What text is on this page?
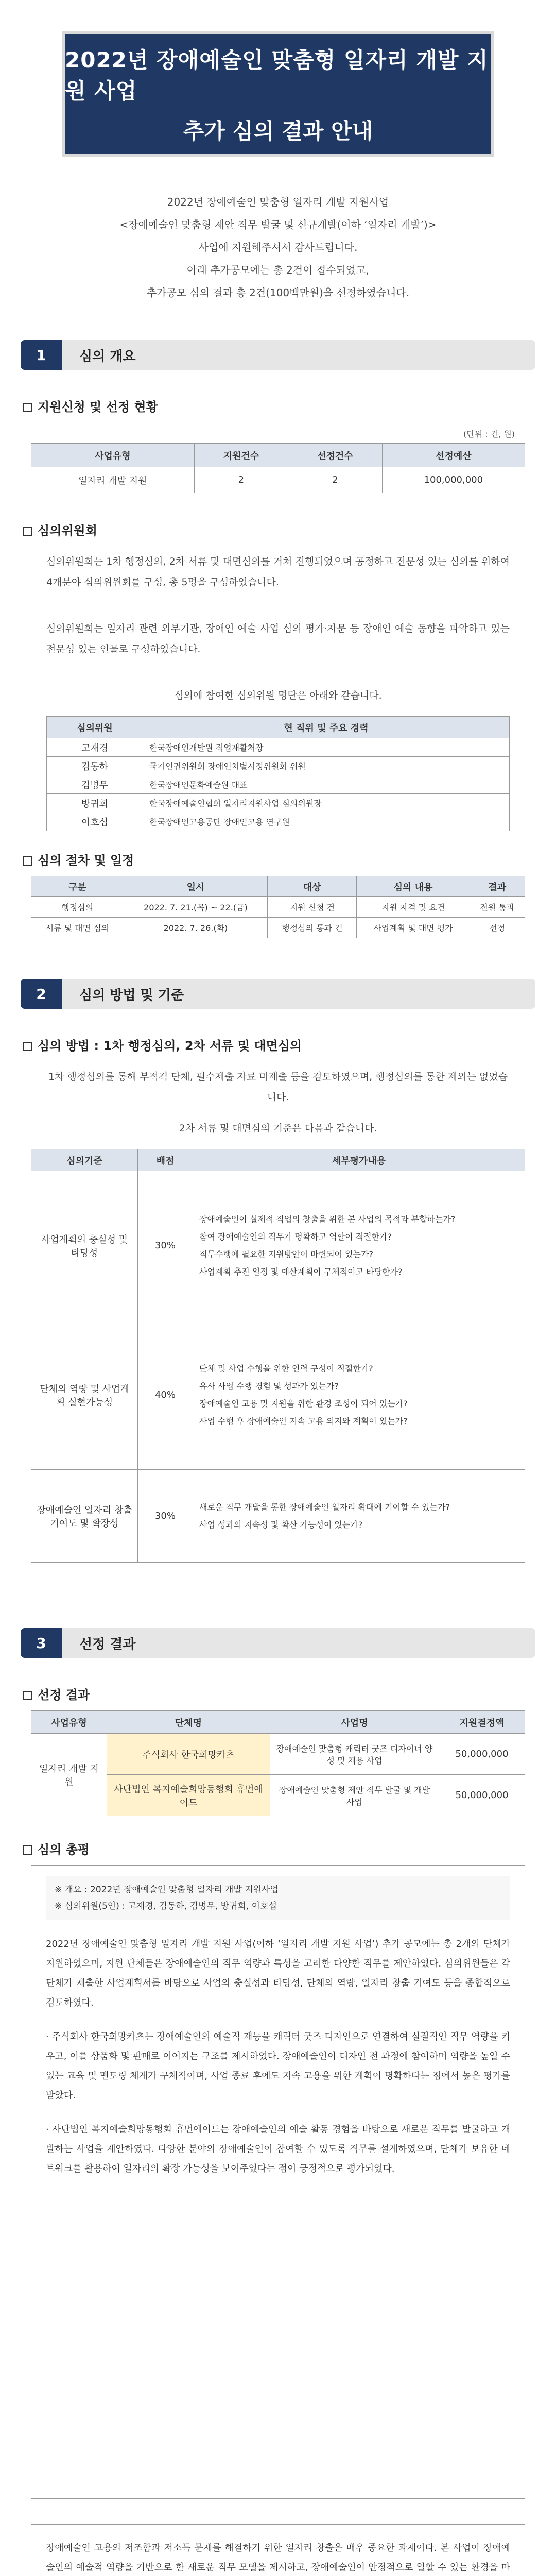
2022년 장애예술인 맞춤형 일자리 개발 지원 사업
추가 심의 결과 안내
2022년 장애예술인 맞춤형 일자리 개발 지원사업
<장애예술인 맞춤형 제안 직무 발굴 및 신규개발(이하 ‘일자리 개발’)>
사업에 지원해주셔서 감사드립니다.
아래 추가공모에는 총 2건이 접수되었고,
추가공모 심의 결과 총 2건(100백만원)을 선정하였습니다.
1	심의 개요
지원신청 및 선정 현황
(단위 : 건, 원)
사업유형	지원건수	선정건수	선정예산
일자리 개발 지원	2	2	100,000,000
심의위원회
심의위원회는 1차 행정심의, 2차 서류 및 대면심의를 거쳐 진행되었으며 공정하고 전문성 있는 심의를 위하여 4개분야 심의위원회를 구성, 총 5명을 구성하였습니다.
심의위원회는 일자리 관련 외부기관, 장애인 예술 사업 심의 평가·자문 등 장애인 예술 동향을 파악하고 있는 전문성 있는 인물로 구성하였습니다.
심의에 참여한 심의위원 명단은 아래와 같습니다.
심의위원	현 직위 및 주요 경력
고재경	한국장애인개발원 직업재활처장
김동하	국가인권위원회 장애인차별시정위원회 위원
김병무	한국장애인문화예술원 대표
방귀희	한국장애예술인협회 일자리지원사업 심의위원장
이호섭	한국장애인고용공단 장애인고용 연구원
심의 절차 및 일정
구분	일시	대상	심의 내용	결과
행정심의	2022. 7. 21.(목) ~ 22.(금)	지원 신청 건	지원 자격 및 요건	전원 통과
서류 및 대면 심의	2022. 7. 26.(화)	행정심의 통과 건	사업계획 및 대면 평가	선정
2	심의 방법 및 기준
심의 방법 : 1차 행정심의, 2차 서류 및 대면심의
1차 행정심의를 통해 부적격 단체, 필수제출 자료 미제출 등을 검토하였으며, 행정심의를 통한 제외는 없었습니다.
2차 서류 및 대면심의 기준은 다음과 같습니다.
심의기준	배점	세부평가내용
사업계획의 충실성 및 타당성	30%	장애예술인이 실제적 직업의 창출을 위한 본 사업의 목적과 부합하는가?
참여 장애예술인의 직무가 명확하고 역할이 적절한가?
직무수행에 필요한 지원방안이 마련되어 있는가?
사업계획 추진 일정 및 예산계획이 구체적이고 타당한가?
단체의 역량 및 사업계획 실현가능성	40%	단체 및 사업 수행을 위한 인력 구성이 적절한가?
유사 사업 수행 경험 및 성과가 있는가?
장애예술인 고용 및 지원을 위한 환경 조성이 되어 있는가?
사업 수행 후 장애예술인 지속 고용 의지와 계획이 있는가?
장애예술인 일자리 창출 기여도 및 확장성	30%	새로운 직무 개발을 통한 장애예술인 일자리 확대에 기여할 수 있는가?
사업 성과의 지속성 및 확산 가능성이 있는가?
3	선정 결과
선정 결과
사업유형	단체명	사업명	지원결정액
일자리 개발 지원	주식회사 한국희망카츠	장애예술인 맞춤형 캐릭터 굿즈 디자이너 양성 및 채용 사업	50,000,000
	사단법인 복지예술희망동행회 휴먼에이드	장애예술인 맞춤형 제안 직무 발굴 및 개발 사업	50,000,000
심의 총평
※ 개요 : 2022년 장애예술인 맞춤형 일자리 개발 지원사업
※ 심의위원(5인) : 고재경, 김동하, 김병무, 방귀희, 이호섭
2022년 장애예술인 맞춤형 일자리 개발 지원 사업(이하 ‘일자리 개발 지원 사업’) 추가 공모에는 총 2개의 단체가 지원하였으며, 지원 단체들은 장애예술인의 직무 역량과 특성을 고려한 다양한 직무를 제안하였다. 심의위원들은 각 단체가 제출한 사업계획서를 바탕으로 사업의 충실성과 타당성, 단체의 역량, 일자리 창출 기여도 등을 종합적으로 검토하였다.
· 주식회사 한국희망카츠는 장애예술인의 예술적 재능을 캐릭터 굿즈 디자인으로 연결하여 실질적인 직무 역량을 키우고, 이를 상품화 및 판매로 이어지는 구조를 제시하였다. 장애예술인이 디자인 전 과정에 참여하며 역량을 높일 수 있는 교육 및 멘토링 체계가 구체적이며, 사업 종료 후에도 지속 고용을 위한 계획이 명확하다는 점에서 높은 평가를 받았다.
· 사단법인 복지예술희망동행회 휴먼에이드는 장애예술인의 예술 활동 경험을 바탕으로 새로운 직무를 발굴하고 개발하는 사업을 제안하였다. 다양한 분야의 장애예술인이 참여할 수 있도록 직무를 설계하였으며, 단체가 보유한 네트워크를 활용하여 일자리의 확장 가능성을 보여주었다는 점이 긍정적으로 평가되었다.
장애예술인 고용의 저조함과 저소득 문제를 해결하기 위한 일자리 창출은 매우 중요한 과제이다. 본 사업이 장애예술인의 예술적 역량을 기반으로 한 새로운 직무 모델을 제시하고, 장애예술인이 안정적으로 일할 수 있는 환경을 마
